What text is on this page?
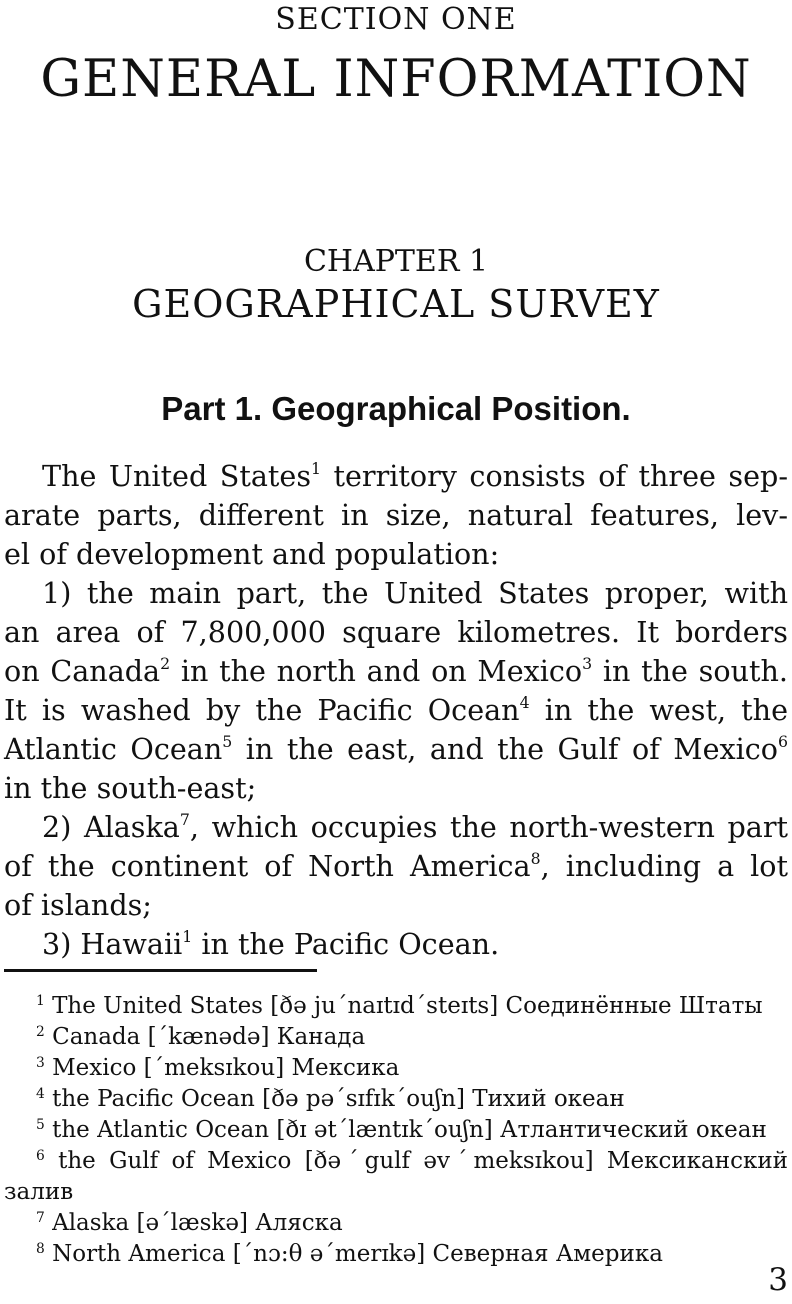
SECTION ONE
GENERAL INFORMATION
CHAPTER 1
GEOGRAPHICAL SURVEY
Part 1. Geographical Position.
The United States$^1$ territory consists of three sep-
arate parts, different in size, natural features, lev-
el of development and population:
1) the main part, the United States proper, with
an area of 7,800,000 square kilometres. It borders
on Canada$^2$ in the north and on Mexico$^3$ in the south.
It is washed by the Pacific Ocean$^4$ in the west, the
Atlantic Ocean$^5$ in the east, and the Gulf of Mexico$^6$
in the south-east;
2) Alaska$^7$, which occupies the north-western part
of the continent of North America$^8$, including a lot
of islands;
3) Hawaii$^1$ in the Pacific Ocean.
$^1$ The United States [ðə juˊnaɪtɪdˊsteɪts] Соединённые Штаты
$^2$ Canada [ˊkænədə] Канада
$^3$ Mexico [ˊmeksɪkou] Мексика
$^4$ the Pacific Ocean [ðə pəˊsɪfɪkˊouʃn] Тихий океан
$^5$ the Atlantic Ocean [ðɪ ətˊlæntɪkˊouʃn] Атлантический океан
$^6$ the Gulf of Mexico [ðəˊgulf əvˊmeksɪkou] Мексиканский
залив
$^7$ Alaska [əˊlæskə] Аляска
$^8$ North America [ˊnɔ:θ əˊmerɪkə] Северная Америка
3
